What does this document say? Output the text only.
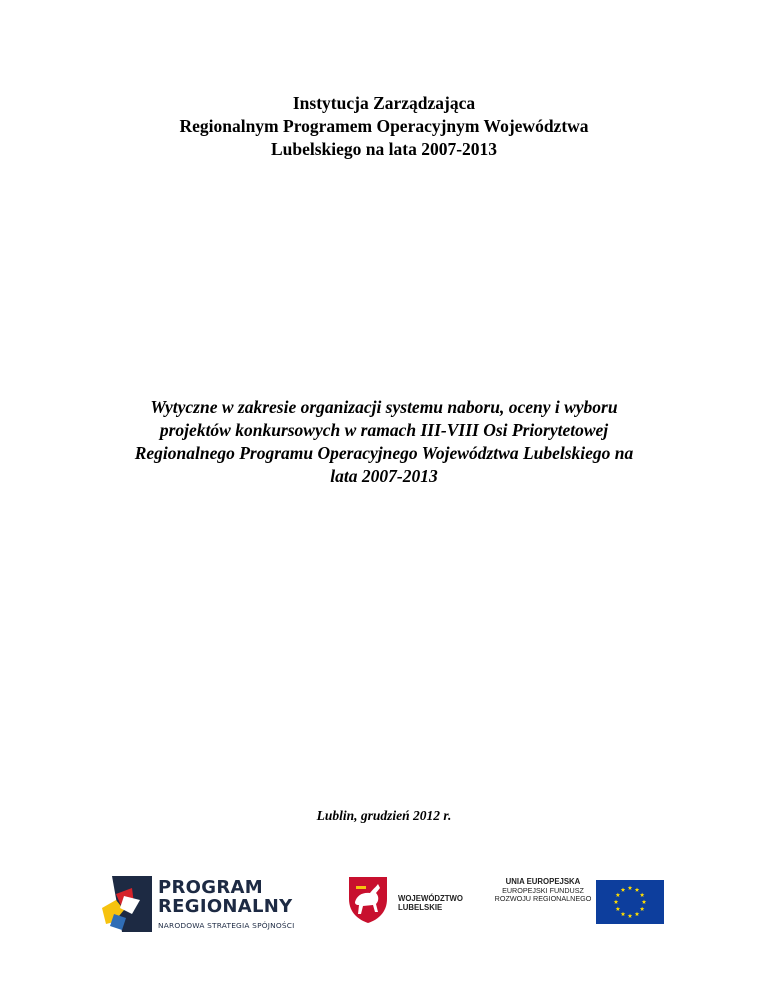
Instytucja Zarządzająca
Regionalnym Programem Operacyjnym Województwa
Lubelskiego na lata 2007-2013
Wytyczne w zakresie organizacji systemu naboru, oceny i wyboru
projektów konkursowych w ramach III-VIII Osi Priorytetowej
Regionalnego Programu Operacyjnego Województwa Lubelskiego na
lata 2007-2013
Lublin, grudzień 2012 r.
PROGRAM
REGIONALNY
NARODOWA STRATEGIA SPÓJNOŚCI
WOJEWÓDZTWO
LUBELSKIE
UNIA EUROPEJSKA
EUROPEJSKI FUNDUSZ
ROZWOJU REGIONALNEGO
